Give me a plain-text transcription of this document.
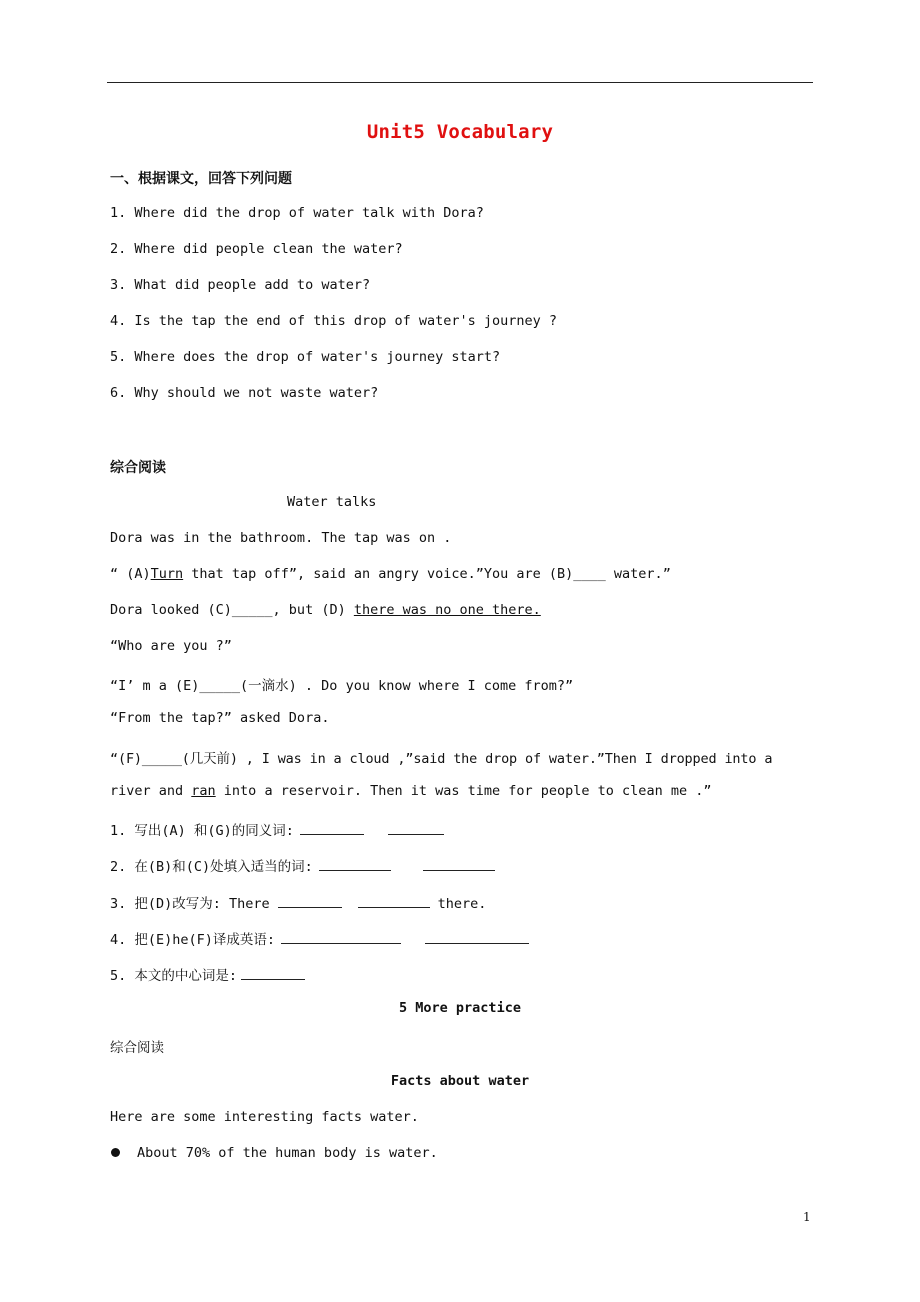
Unit5 Vocabulary
一、根据课文，回答下列问题
1. Where did the drop of water talk with Dora?
2. Where did people clean the water?
3. What did people add to water?
4. Is the tap the end of this drop of water's journey ?
5. Where does the drop of water's journey start?
6. Why should we not waste water?
综合阅读
Water talks
Dora was in the bathroom. The tap was on .
“ (A)Turn that tap off”, said an angry voice.”You are (B)____ water.”
Dora looked (C)_____, but (D) there was no one there.
“Who are you ?”
“I’ m a (E)_____(一滴水) . Do you know where I come from?”
“From the tap?” asked Dora.
“(F)_____(几天前) , I was in a cloud ,”said the drop of water.”Then I dropped into a
river and ran into a reservoir. Then it was time for people to clean me .”
1. 写出(A) 和(G)的同义词:
2. 在(B)和(C)处填入适当的词:
3. 把(D)改写为: There	there.
4. 把(E)he(F)译成英语:
5. 本文的中心词是:
5 More practice
综合阅读
Facts about water
Here are some interesting facts water.
About 70% of the human body is water.
1
